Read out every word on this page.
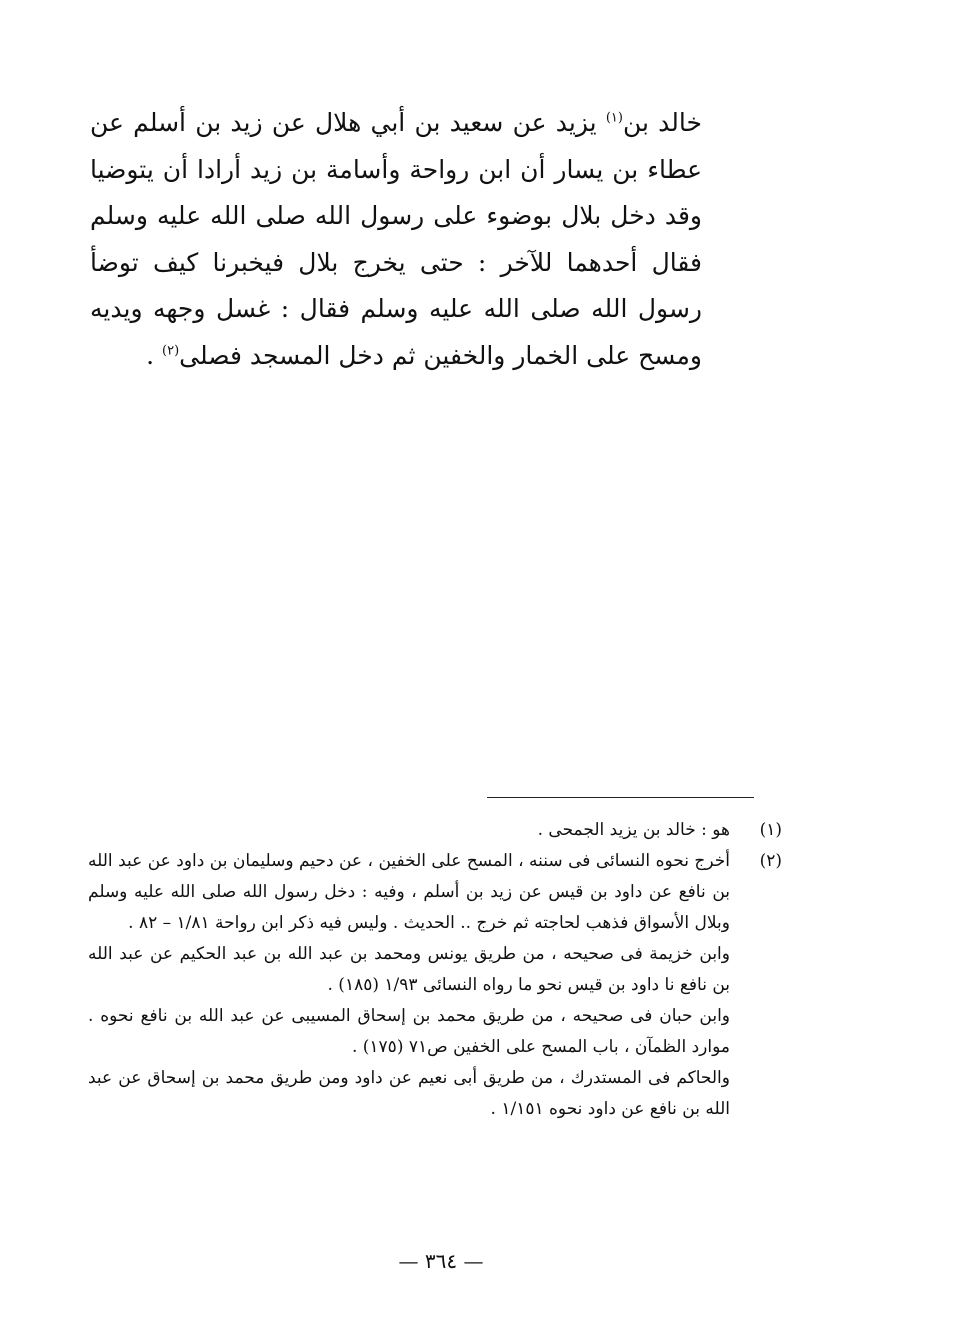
خالد بن$^{(١)}$ يزيد عن سعيد بن أبي هلال عن زيد بن أسلم عن عطاء بن يسار أن ابن رواحة وأسامة بن زيد أرادا أن يتوضيا وقد دخل بلال بوضوء على رسول الله صلى الله عليه وسلم فقال أحدهما للآخر : حتى يخرج بلال فيخبرنا كيف توضأ رسول الله صلى الله عليه وسلم فقال : غسل وجهه ويديه ومسح على الخمار والخفين ثم دخل المسجد فصلى$^{(٢)}$ .

(١)

هو : خالد بن يزيد الجمحى .

(٢)

أخرج نحوه النسائى فى سننه ، المسح على الخفين ، عن دحيم وسليمان بن داود عن عبد الله بن نافع عن داود بن قيس عن زيد بن أسلم ، وفيه : دخل رسول الله صلى الله عليه وسلم وبلال الأسواق فذهب لحاجته ثم خرج .. الحديث . وليس فيه ذكر ابن رواحة ١/٨١ – ٨٢ .

وابن خزيمة فى صحيحه ، من طريق يونس ومحمد بن عبد الله بن عبد الحكيم عن عبد الله بن نافع نا داود بن قيس نحو ما رواه النسائى ١/٩٣ (١٨٥) .

وابن حبان فى صحيحه ، من طريق محمد بن إسحاق المسيبى عن عبد الله بن نافع نحوه . موارد الظمآن ، باب المسح على الخفين ص٧١ (١٧٥) .

والحاكم فى المستدرك ، من طريق أبى نعيم عن داود ومن طريق محمد بن إسحاق عن عبد الله بن نافع عن داود نحوه ١/١٥١ .

— ٣٦٤ —
